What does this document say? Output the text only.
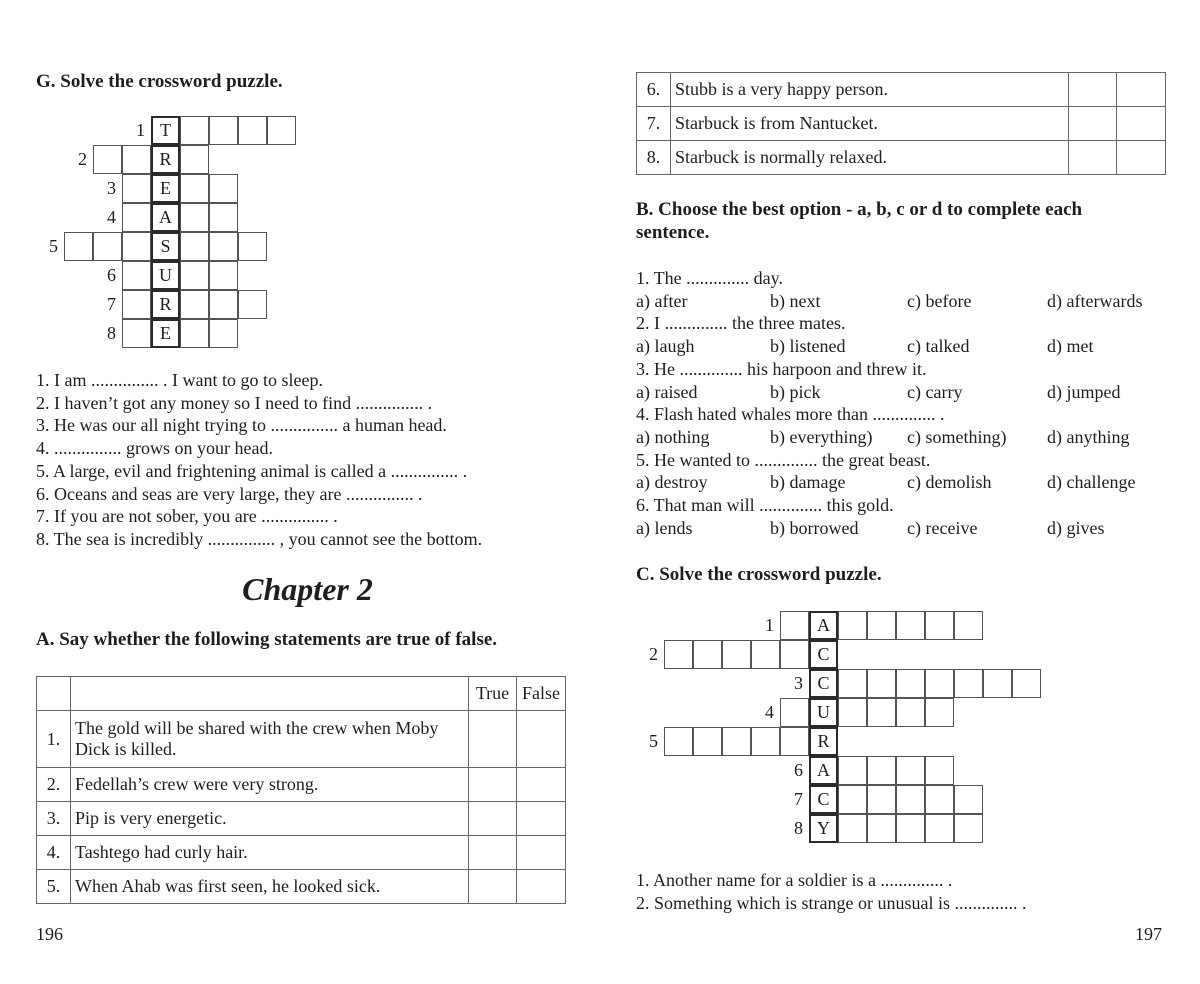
G. Solve the crossword puzzle.
1 T
2	R
3	E
4	A
5	S
6	U
7	R
8	E
1. I am ............... . I want to go to sleep.
2. I haven’t got any money so I need to find ............... .
3. He was our all night trying to ............... a human head.
4. ............... grows on your head.
5. A large, evil and frightening animal is called a ............... .
6. Oceans and seas are very large, they are ............... .
7. If you are not sober, you are ............... .
8. The sea is incredibly ............... , you cannot see the bottom.
Chapter 2
A. Say whether the following statements are true of false.
		True	False
1.	The gold will be shared with the crew when Moby Dick is killed.		
2.	Fedellah’s crew were very strong.		
3.	Pip is very energetic.		
4.	Tashtego had curly hair.		
5.	When Ahab was first seen, he looked sick.		
196
6.	Stubb is a very happy person.		
7.	Starbuck is from Nantucket.		
8.	Starbuck is normally relaxed.		
B. Choose the best option - a, b, c or d to complete each sentence.
1. The .............. day.
a) after	b) next	c) before	d) afterwards
2. I .............. the three mates.
a) laugh	b) listened	c) talked	d) met
3. He .............. his harpoon and threw it.
a) raised	b) pick	c) carry	d) jumped
4. Flash hated whales more than .............. .
a) nothing	b) everything)	c) something)	d) anything
5. He wanted to .............. the great beast.
a) destroy	b) damage	c) demolish	d) challenge
6. That man will .............. this gold.
a) lends	b) borrowed	c) receive	d) gives
C. Solve the crossword puzzle.
1	A
2	C
3 C
4	U
5	R
6 A
7 C
8 Y
1. Another name for a soldier is a .............. .
2. Something which is strange or unusual is .............. .
197
